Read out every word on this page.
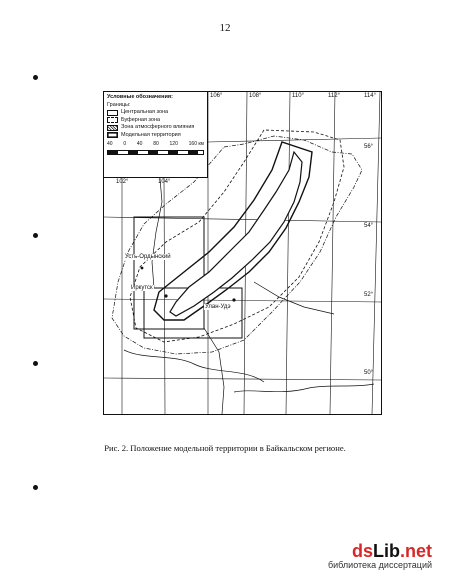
12
Условные обозначения:
Границы:
Центральная зона
Буферная зона
Зона атмосферного влияния
Модельная территория
40 0 40 80 120 160 км
106°	108°	110°	112°	114°
102°	104°
56°
54°
52°
50°
Усть-Ордынский
Иркутск
Улан-Удэ
Рис. 2. Положение модельной территории в Байкальском регионе.
dsLib.net
библиотека диссертаций
